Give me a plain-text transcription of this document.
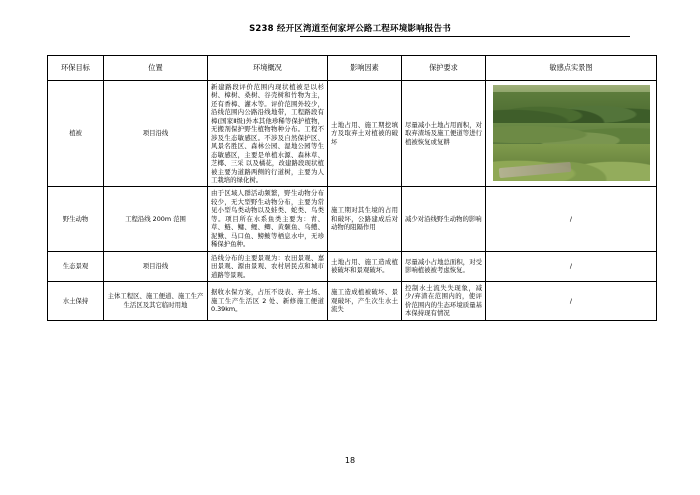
S238 经开区湾道至何家坪公路工程环境影响报告书
环保目标	位置	环境概况	影响因素	保护要求	敏感点实景图
植被	项目沿线	新建路段评价范围内现状植被是以杉树、樟树、桑树、谷壳树和竹物为主，还有香樟、灌木等。评价范围外较少，沿线范围内公路沿线地带，工程路段有樟(国家Ⅱ级)外本其他珍稀等保护植物，无搬剂保护野生植物物种分布。工程不涉及生态敏感区。不涉及自然保护区、风景名胜区、森林公园、湿地公园等生态敏感区，主要是单植水源、森林草、芝椰、三采 以及橘花，改建路段现状植被主要为道路两侧的行道树，主要为人工栽培的绿化树。	土地占用、施工期挖填方及取弃土对植被的破坏	尽量减小土地占用面积，对取弃渣场及施工便道等进行植被恢复或复耕	

野生动物	工程沿线 200m 范围	由于区域人群活动频繁，野生动物分布较少，无大型野生动物分布，主要为常见小型鸟类动物以及蛙类、蛇类、鸟类等。项目所在水系鱼类主要为：青、草、鲢、鳙、鲤、鲫、黄颡鱼、乌鳢、泥鳅、马口鱼、鳑鲏等栖息水中，无珍稀保护鱼种。	施工期对其生境的占用和破坏，公路建成后对动物的阻隔作用	减少对沿线野生动物的影响	/
生态景观	项目沿线	沿线分布的主要景观为：农田景观、嘉田景观、源由景观、农村居民点和城市道路等景观。	土地占用、施工造成植被破坏和景观破坏。	尽量减小占地总面积，对受影响植被被考虑恢复。	/
水土保持	主体工程区、施工便道、施工生产生活区及其它临时用地	据收水保方案，占压不设表、弃土场、施工生产生活区 2 处、新修施工便道 0.39km。	施工造成植被破坏、景观破坏，产生次生水土流失	控制水土流失失现象，减少/弃渣在范围内的，使评价范围内的生态环境质量基本保持现有情况	/
18
